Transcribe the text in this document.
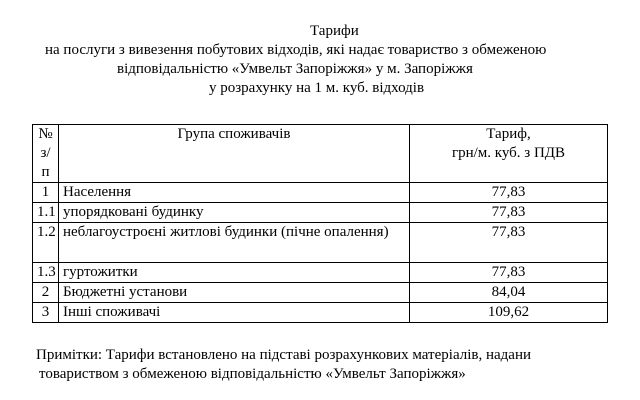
Тарифи
на послуги з вивезення побутових відходів, які надає товариство з обмеженою
відповідальністю «Умвельт Запоріжжя» у м. Запоріжжя
у розрахунку на 1 м. куб. відходів
№ з/п	Група споживачів	Тариф,
грн/м. куб. з ПДВ

1	Населення	77,83
1.1	упорядковані будинку	77,83
1.2	неблагоустроєні житлові будинки (пічне опалення)	77,83
1.3	гуртожитки	77,83
2	Бюджетні установи	84,04
3	Інші споживачі	109,62
Примітки: Тарифи встановлено на підставі розрахункових матеріалів, надани
товариством з обмеженою відповідальністю «Умвельт Запоріжжя»
